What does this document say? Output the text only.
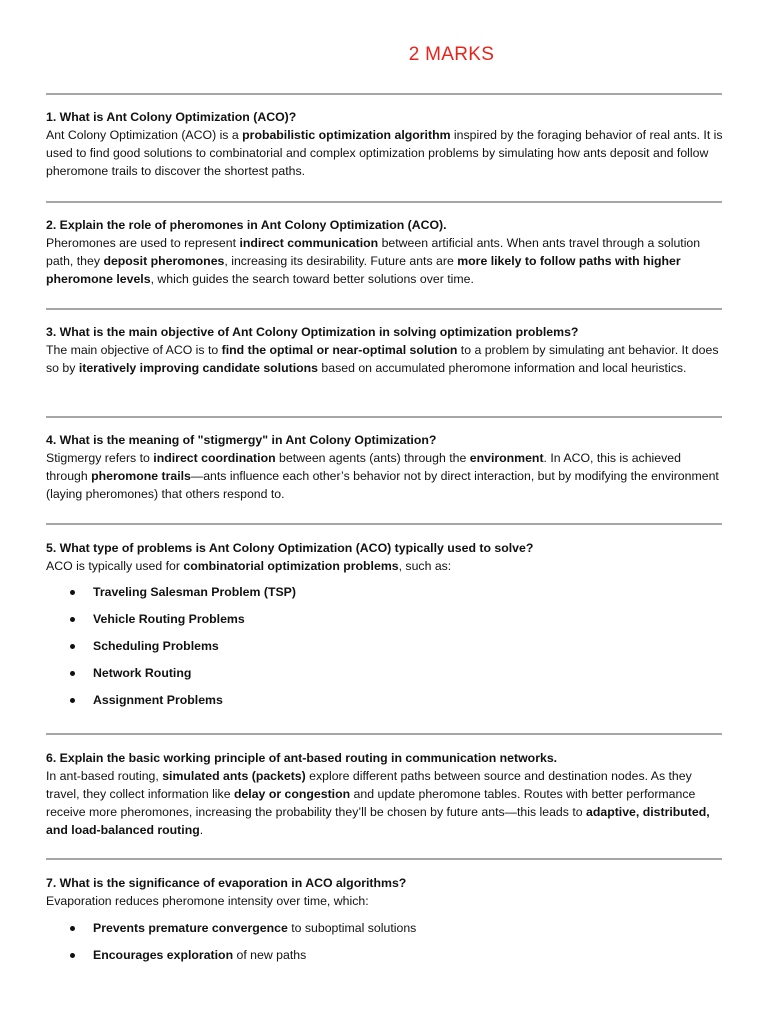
2 MARKS
1. What is Ant Colony Optimization (ACO)?

Ant Colony Optimization (ACO) is a probabilistic optimization algorithm inspired by the foraging behavior of real ants. It is used to find good solutions to combinatorial and complex optimization problems by simulating how ants deposit and follow pheromone trails to discover the shortest paths.

2. Explain the role of pheromones in Ant Colony Optimization (ACO).

Pheromones are used to represent indirect communication between artificial ants. When ants travel through a solution path, they deposit pheromones, increasing its desirability. Future ants are more likely to follow paths with higher pheromone levels, which guides the search toward better solutions over time.

3. What is the main objective of Ant Colony Optimization in solving optimization problems?

The main objective of ACO is to find the optimal or near-optimal solution to a problem by simulating ant behavior. It does so by iteratively improving candidate solutions based on accumulated pheromone information and local heuristics.

4. What is the meaning of "stigmergy" in Ant Colony Optimization?

Stigmergy refers to indirect coordination between agents (ants) through the environment. In ACO, this is achieved through pheromone trails—ants influence each other’s behavior not by direct interaction, but by modifying the environment (laying pheromones) that others respond to.

5. What type of problems is Ant Colony Optimization (ACO) typically used to solve?

ACO is typically used for combinatorial optimization problems, such as:

Traveling Salesman Problem (TSP)
Vehicle Routing Problems
Scheduling Problems
Network Routing
Assignment Problems
6. Explain the basic working principle of ant-based routing in communication networks.

In ant-based routing, simulated ants (packets) explore different paths between source and destination nodes. As they travel, they collect information like delay or congestion and update pheromone tables. Routes with better performance receive more pheromones, increasing the probability they’ll be chosen by future ants—this leads to adaptive, distributed, and load-balanced routing.

7. What is the significance of evaporation in ACO algorithms?

Evaporation reduces pheromone intensity over time, which:

Prevents premature convergence to suboptimal solutions
Encourages exploration of new paths
